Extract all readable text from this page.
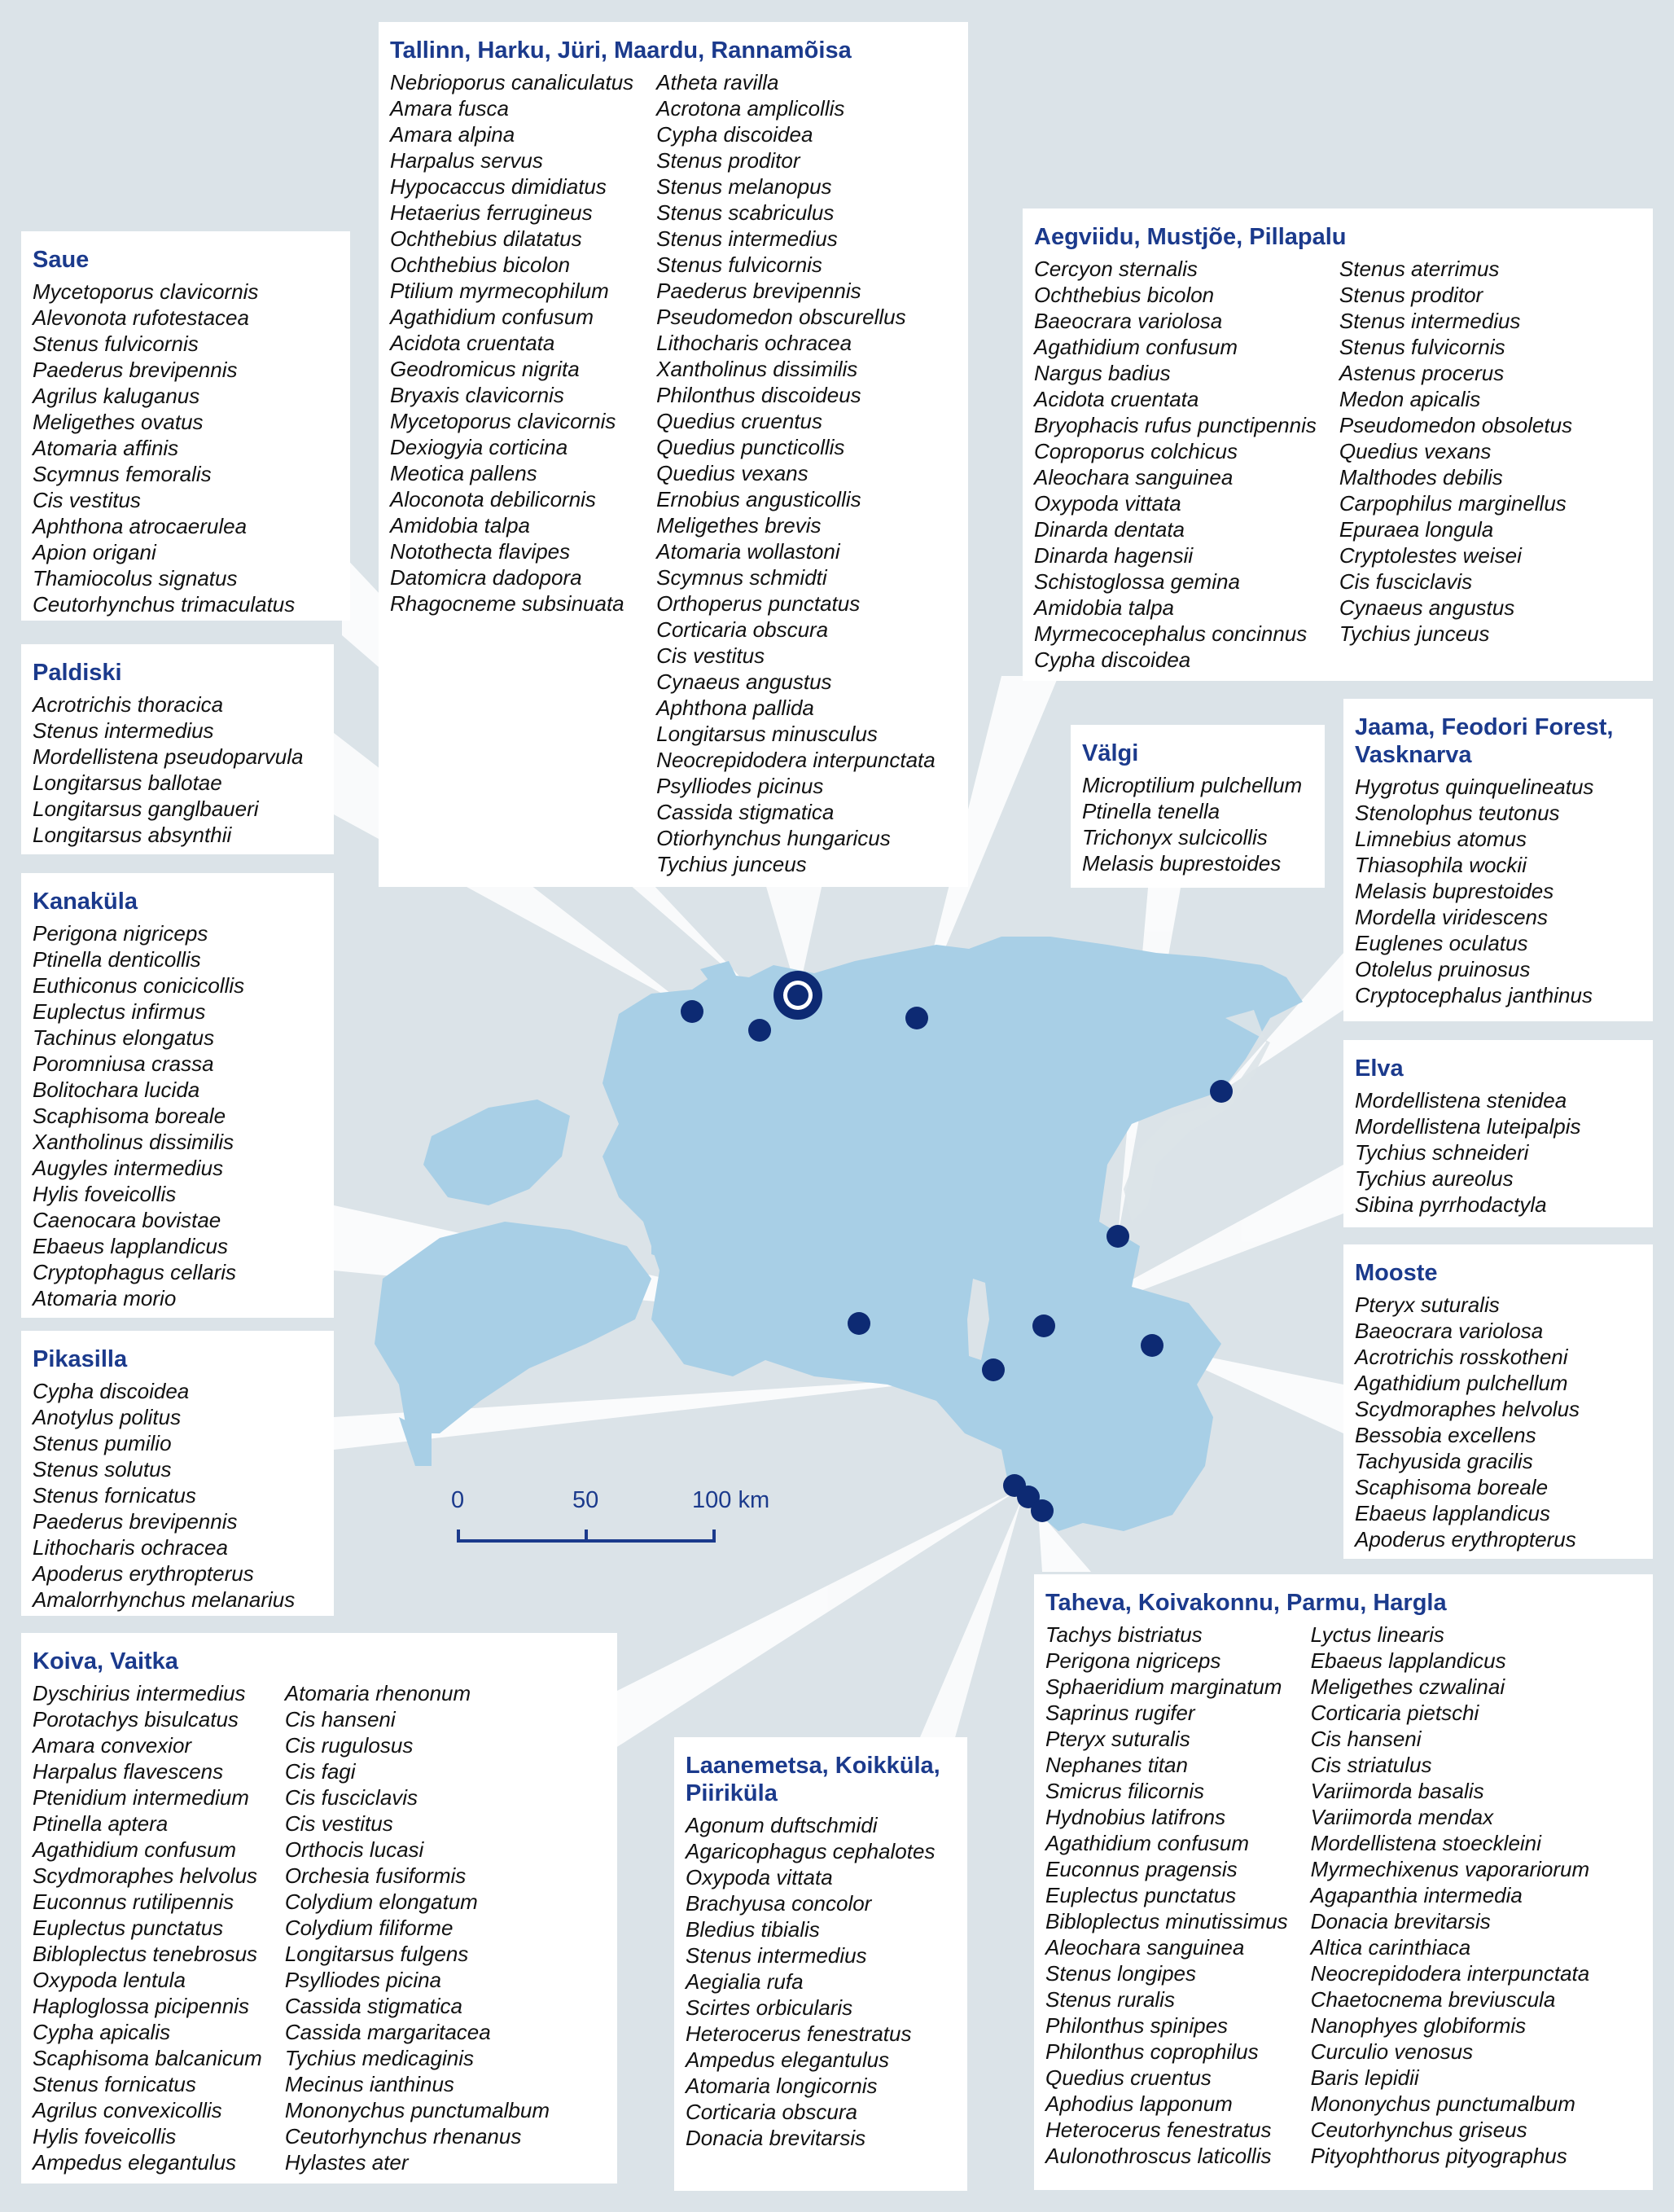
0	50	100 km
Saue
Mycetoporus clavicornis
Alevonota rufotestacea
Stenus fulvicornis
Paederus brevipennis
Agrilus kaluganus
Meligethes ovatus
Atomaria affinis
Scymnus femoralis
Cis vestitus
Aphthona atrocaerulea
Apion origani
Thamiocolus signatus
Ceutorhynchus trimaculatus
Paldiski
Acrotrichis thoracica
Stenus intermedius
Mordellistena pseudoparvula
Longitarsus ballotae
Longitarsus ganglbaueri
Longitarsus absynthii
Kanaküla
Perigona nigriceps
Ptinella denticollis
Euthiconus conicicollis
Euplectus infirmus
Tachinus elongatus
Poromniusa crassa
Bolitochara lucida
Scaphisoma boreale
Xantholinus dissimilis
Augyles intermedius
Hylis foveicollis
Caenocara bovistae
Ebaeus lapplandicus
Cryptophagus cellaris
Atomaria morio
Pikasilla
Cypha discoidea
Anotylus politus
Stenus pumilio
Stenus solutus
Stenus fornicatus
Paederus brevipennis
Lithocharis ochracea
Apoderus erythropterus
Amalorrhynchus melanarius
Koiva, Vaitka
Dyschirius intermedius
Porotachys bisulcatus
Amara convexior
Harpalus flavescens
Ptenidium intermedium
Ptinella aptera
Agathidium confusum
Scydmoraphes helvolus
Euconnus rutilipennis
Euplectus punctatus
Bibloplectus tenebrosus
Oxypoda lentula
Haploglossa picipennis
Cypha apicalis
Scaphisoma balcanicum
Stenus fornicatus
Agrilus convexicollis
Hylis foveicollis
Ampedus elegantulus
Atomaria rhenonum
Cis hanseni
Cis rugulosus
Cis fagi
Cis fusciclavis
Cis vestitus
Orthocis lucasi
Orchesia fusiformis
Colydium elongatum
Colydium filiforme
Longitarsus fulgens
Psylliodes picina
Cassida stigmatica
Cassida margaritacea
Tychius medicaginis
Mecinus ianthinus
Mononychus punctumalbum
Ceutorhynchus rhenanus
Hylastes ater
Tallinn, Harku, Jüri, Maardu, Rannamõisa
Nebrioporus canaliculatus
Amara fusca
Amara alpina
Harpalus servus
Hypocaccus dimidiatus
Hetaerius ferrugineus
Ochthebius dilatatus
Ochthebius bicolon
Ptilium myrmecophilum
Agathidium confusum
Acidota cruentata
Geodromicus nigrita
Bryaxis clavicornis
Mycetoporus clavicornis
Dexiogyia corticina
Meotica pallens
Aloconota debilicornis
Amidobia talpa
Notothecta flavipes
Datomicra dadopora
Rhagocneme subsinuata
Atheta ravilla
Acrotona amplicollis
Cypha discoidea
Stenus proditor
Stenus melanopus
Stenus scabriculus
Stenus intermedius
Stenus fulvicornis
Paederus brevipennis
Pseudomedon obscurellus
Lithocharis ochracea
Xantholinus dissimilis
Philonthus discoideus
Quedius cruentus
Quedius puncticollis
Quedius vexans
Ernobius angusticollis
Meligethes brevis
Atomaria wollastoni
Scymnus schmidti
Orthoperus punctatus
Corticaria obscura
Cis vestitus
Cynaeus angustus
Aphthona pallida
Longitarsus minusculus
Neocrepidodera interpunctata
Psylliodes picinus
Cassida stigmatica
Otiorhynchus hungaricus
Tychius junceus
Aegviidu, Mustjõe, Pillapalu
Cercyon sternalis
Ochthebius bicolon
Baeocrara variolosa
Agathidium confusum
Nargus badius
Acidota cruentata
Bryophacis rufus punctipennis
Coproporus colchicus
Aleochara sanguinea
Oxypoda vittata
Dinarda dentata
Dinarda hagensii
Schistoglossa gemina
Amidobia talpa
Myrmecocephalus concinnus
Cypha discoidea
Stenus aterrimus
Stenus proditor
Stenus intermedius
Stenus fulvicornis
Astenus procerus
Medon apicalis
Pseudomedon obsoletus
Quedius vexans
Malthodes debilis
Carpophilus marginellus
Epuraea longula
Cryptolestes weisei
Cis fusciclavis
Cynaeus angustus
Tychius junceus
Välgi
Microptilium pulchellum
Ptinella tenella
Trichonyx sulcicollis
Melasis buprestoides
Jaama, Feodori Forest,
Vasknarva
Hygrotus quinquelineatus
Stenolophus teutonus
Limnebius atomus
Thiasophila wockii
Melasis buprestoides
Mordella viridescens
Euglenes oculatus
Otolelus pruinosus
Cryptocephalus janthinus
Elva
Mordellistena stenidea
Mordellistena luteipalpis
Tychius schneideri
Tychius aureolus
Sibina pyrrhodactyla
Mooste
Pteryx suturalis
Baeocrara variolosa
Acrotrichis rosskotheni
Agathidium pulchellum
Scydmoraphes helvolus
Bessobia excellens
Tachyusida gracilis
Scaphisoma boreale
Ebaeus lapplandicus
Apoderus erythropterus
Laanemetsa, Koikküla,
Piiriküla
Agonum duftschmidi
Agaricophagus cephalotes
Oxypoda vittata
Brachyusa concolor
Bledius tibialis
Stenus intermedius
Aegialia rufa
Scirtes orbicularis
Heterocerus fenestratus
Ampedus elegantulus
Atomaria longicornis
Corticaria obscura
Donacia brevitarsis
Taheva, Koivakonnu, Parmu, Hargla
Tachys bistriatus
Perigona nigriceps
Sphaeridium marginatum
Saprinus rugifer
Pteryx suturalis
Nephanes titan
Smicrus filicornis
Hydnobius latifrons
Agathidium confusum
Euconnus pragensis
Euplectus punctatus
Bibloplectus minutissimus
Aleochara sanguinea
Stenus longipes
Stenus ruralis
Philonthus spinipes
Philonthus coprophilus
Quedius cruentus
Aphodius lapponum
Heterocerus fenestratus
Aulonothroscus laticollis
Lyctus linearis
Ebaeus lapplandicus
Meligethes czwalinai
Corticaria pietschi
Cis hanseni
Cis striatulus
Variimorda basalis
Variimorda mendax
Mordellistena stoeckleini
Myrmechixenus vaporariorum
Agapanthia intermedia
Donacia brevitarsis
Altica carinthiaca
Neocrepidodera interpunctata
Chaetocnema breviuscula
Nanophyes globiformis
Curculio venosus
Baris lepidii
Mononychus punctumalbum
Ceutorhynchus griseus
Pityophthorus pityographus
